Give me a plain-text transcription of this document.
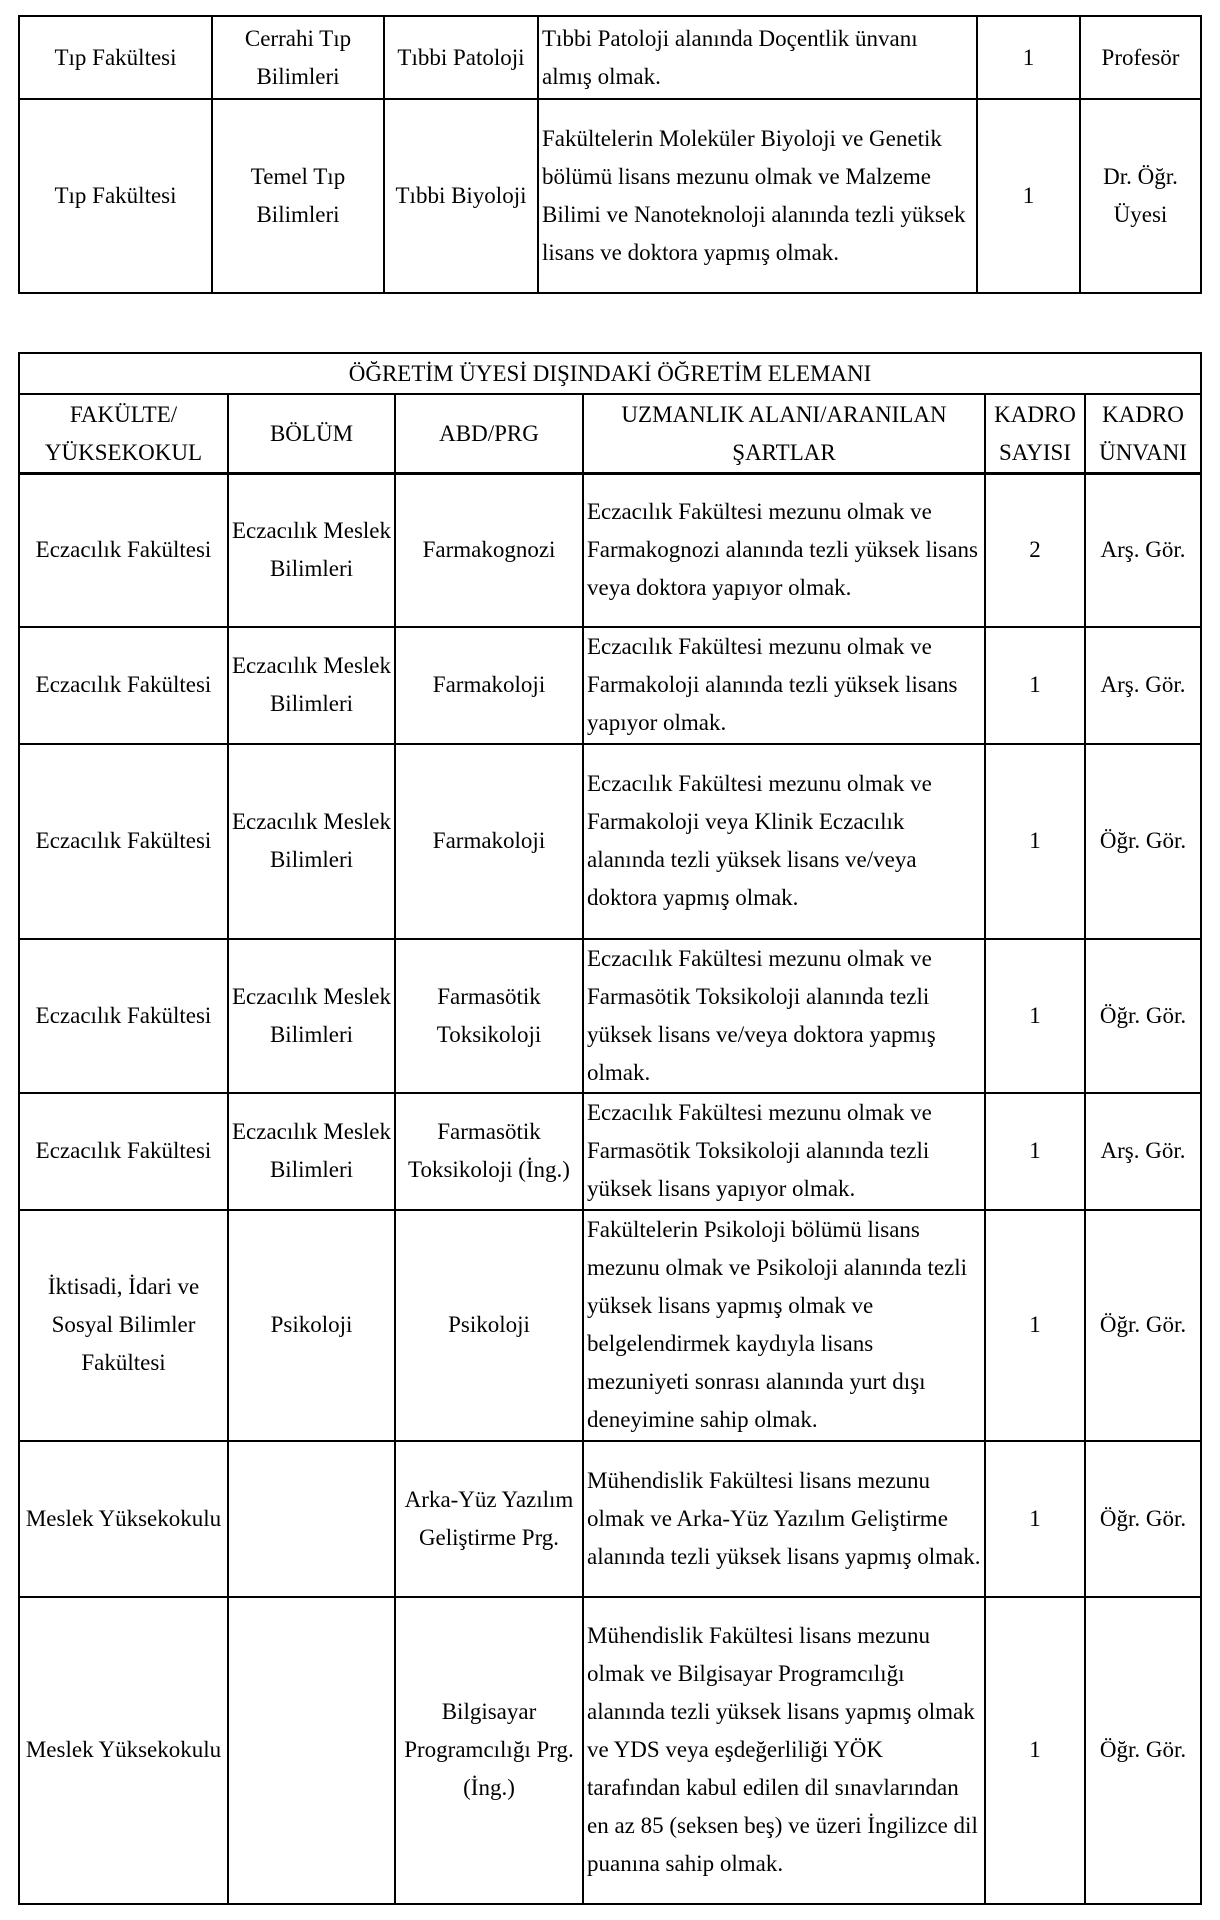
Tıp Fakültesi	Cerrahi Tıp Bilimleri	Tıbbi Patoloji	Tıbbi Patoloji alanında Doçentlik ünvanı almış olmak.	1	Profesör
Tıp Fakültesi	Temel Tıp Bilimleri	Tıbbi Biyoloji	Fakültelerin Moleküler Biyoloji ve Genetik bölümü lisans mezunu olmak ve Malzeme Bilimi ve Nanoteknoloji alanında tezli yüksek lisans ve doktora yapmış olmak.	1	Dr. Öğr. Üyesi
ÖĞRETİM ÜYESİ DIŞINDAKİ ÖĞRETİM ELEMANI					
FAKÜLTE/ YÜKSEKOKUL	BÖLÜM	ABD/PRG	UZMANLIK ALANI/ARANILAN ŞARTLAR	KADRO SAYISI	KADRO ÜNVANI
Eczacılık Fakültesi	Eczacılık Meslek Bilimleri	Farmakognozi	Eczacılık Fakültesi mezunu olmak ve Farmakognozi alanında tezli yüksek lisans veya doktora yapıyor olmak.	2	Arş. Gör.
Eczacılık Fakültesi	Eczacılık Meslek Bilimleri	Farmakoloji	Eczacılık Fakültesi mezunu olmak ve Farmakoloji alanında tezli yüksek lisans yapıyor olmak.	1	Arş. Gör.
Eczacılık Fakültesi	Eczacılık Meslek Bilimleri	Farmakoloji	Eczacılık Fakültesi mezunu olmak ve Farmakoloji veya Klinik Eczacılık alanında tezli yüksek lisans ve/veya doktora yapmış olmak.	1	Öğr. Gör.
Eczacılık Fakültesi	Eczacılık Meslek Bilimleri	Farmasötik Toksikoloji	Eczacılık Fakültesi mezunu olmak ve Farmasötik Toksikoloji alanında tezli yüksek lisans ve/veya doktora yapmış olmak.	1	Öğr. Gör.
Eczacılık Fakültesi	Eczacılık Meslek Bilimleri	Farmasötik Toksikoloji (İng.)	Eczacılık Fakültesi mezunu olmak ve Farmasötik Toksikoloji alanında tezli yüksek lisans yapıyor olmak.	1	Arş. Gör.
İktisadi, İdari ve Sosyal Bilimler Fakültesi	Psikoloji	Psikoloji	Fakültelerin Psikoloji bölümü lisans mezunu olmak ve Psikoloji alanında tezli yüksek lisans yapmış olmak ve belgelendirmek kaydıyla lisans mezuniyeti sonrası alanında yurt dışı deneyimine sahip olmak.	1	Öğr. Gör.
Meslek Yüksekokulu		Arka-Yüz Yazılım Geliştirme Prg.	Mühendislik Fakültesi lisans mezunu olmak ve Arka-Yüz Yazılım Geliştirme alanında tezli yüksek lisans yapmış olmak.	1	Öğr. Gör.
Meslek Yüksekokulu		Bilgisayar Programcılığı Prg. (İng.)	Mühendislik Fakültesi lisans mezunu olmak ve Bilgisayar Programcılığı alanında tezli yüksek lisans yapmış olmak ve YDS veya eşdeğerliliği YÖK tarafından kabul edilen dil sınavlarından en az 85 (seksen beş) ve üzeri İngilizce dil puanına sahip olmak.	1	Öğr. Gör.
